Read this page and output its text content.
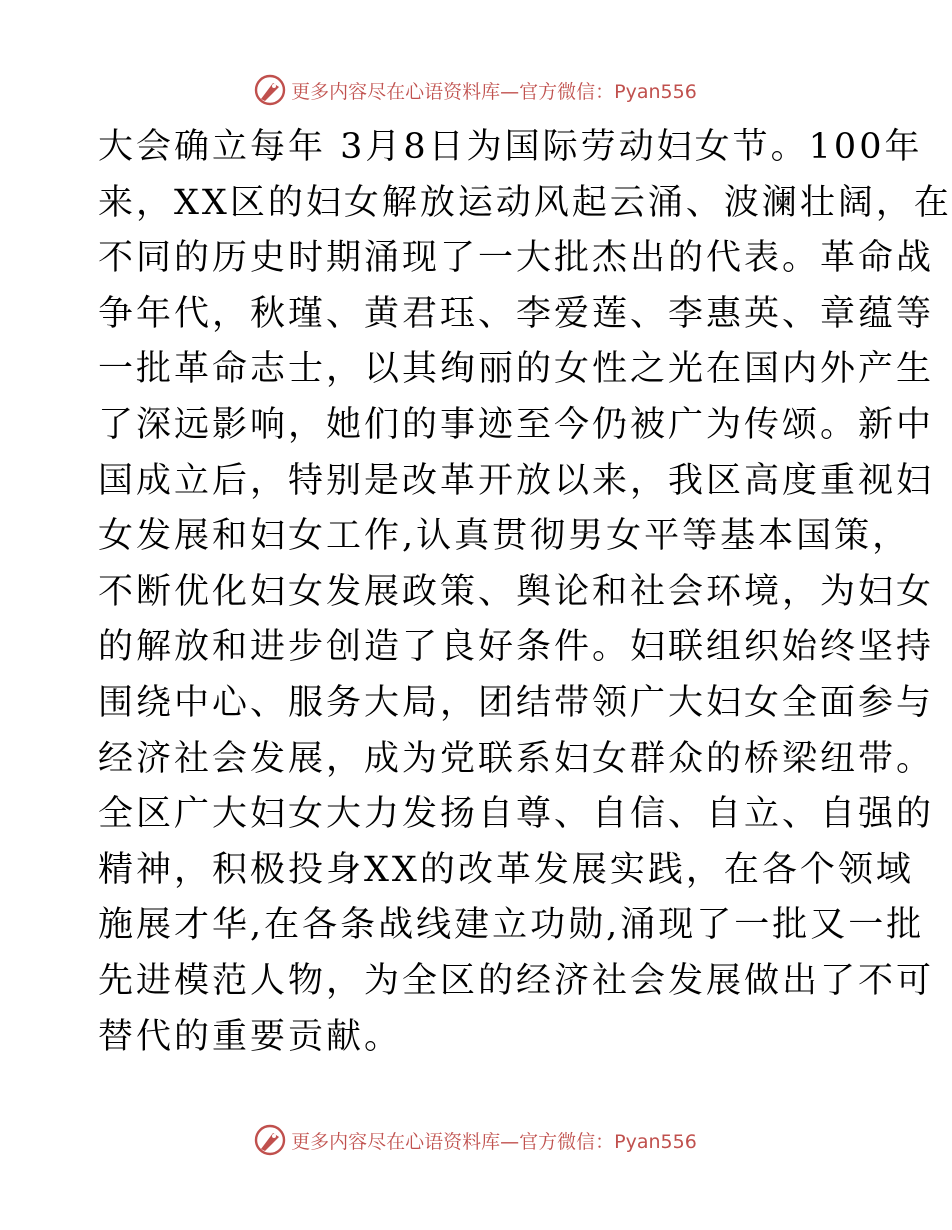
更多内容尽在心语资料库—官方微信：Pyan556
大会确立每年 3月8日为国际劳动妇女节。100年
来，XX区的妇女解放运动风起云涌、波澜壮阔，在
不同的历史时期涌现了一大批杰出的代表。革命战
争年代，秋瑾、黄君珏、李爱莲、李惠英、章蕴等
一批革命志士，以其绚丽的女性之光在国内外产生
了深远影响，她们的事迹至今仍被广为传颂。新中
国成立后，特别是改革开放以来，我区高度重视妇
女发展和妇女工作,认真贯彻男女平等基本国策，
不断优化妇女发展政策、舆论和社会环境，为妇女
的解放和进步创造了良好条件。妇联组织始终坚持
围绕中心、服务大局，团结带领广大妇女全面参与
经济社会发展，成为党联系妇女群众的桥梁纽带。
全区广大妇女大力发扬自尊、自信、自立、自强的
精神，积极投身XX的改革发展实践，在各个领域
施展才华,在各条战线建立功勋,涌现了一批又一批
先进模范人物，为全区的经济社会发展做出了不可
替代的重要贡献。
更多内容尽在心语资料库—官方微信：Pyan556
